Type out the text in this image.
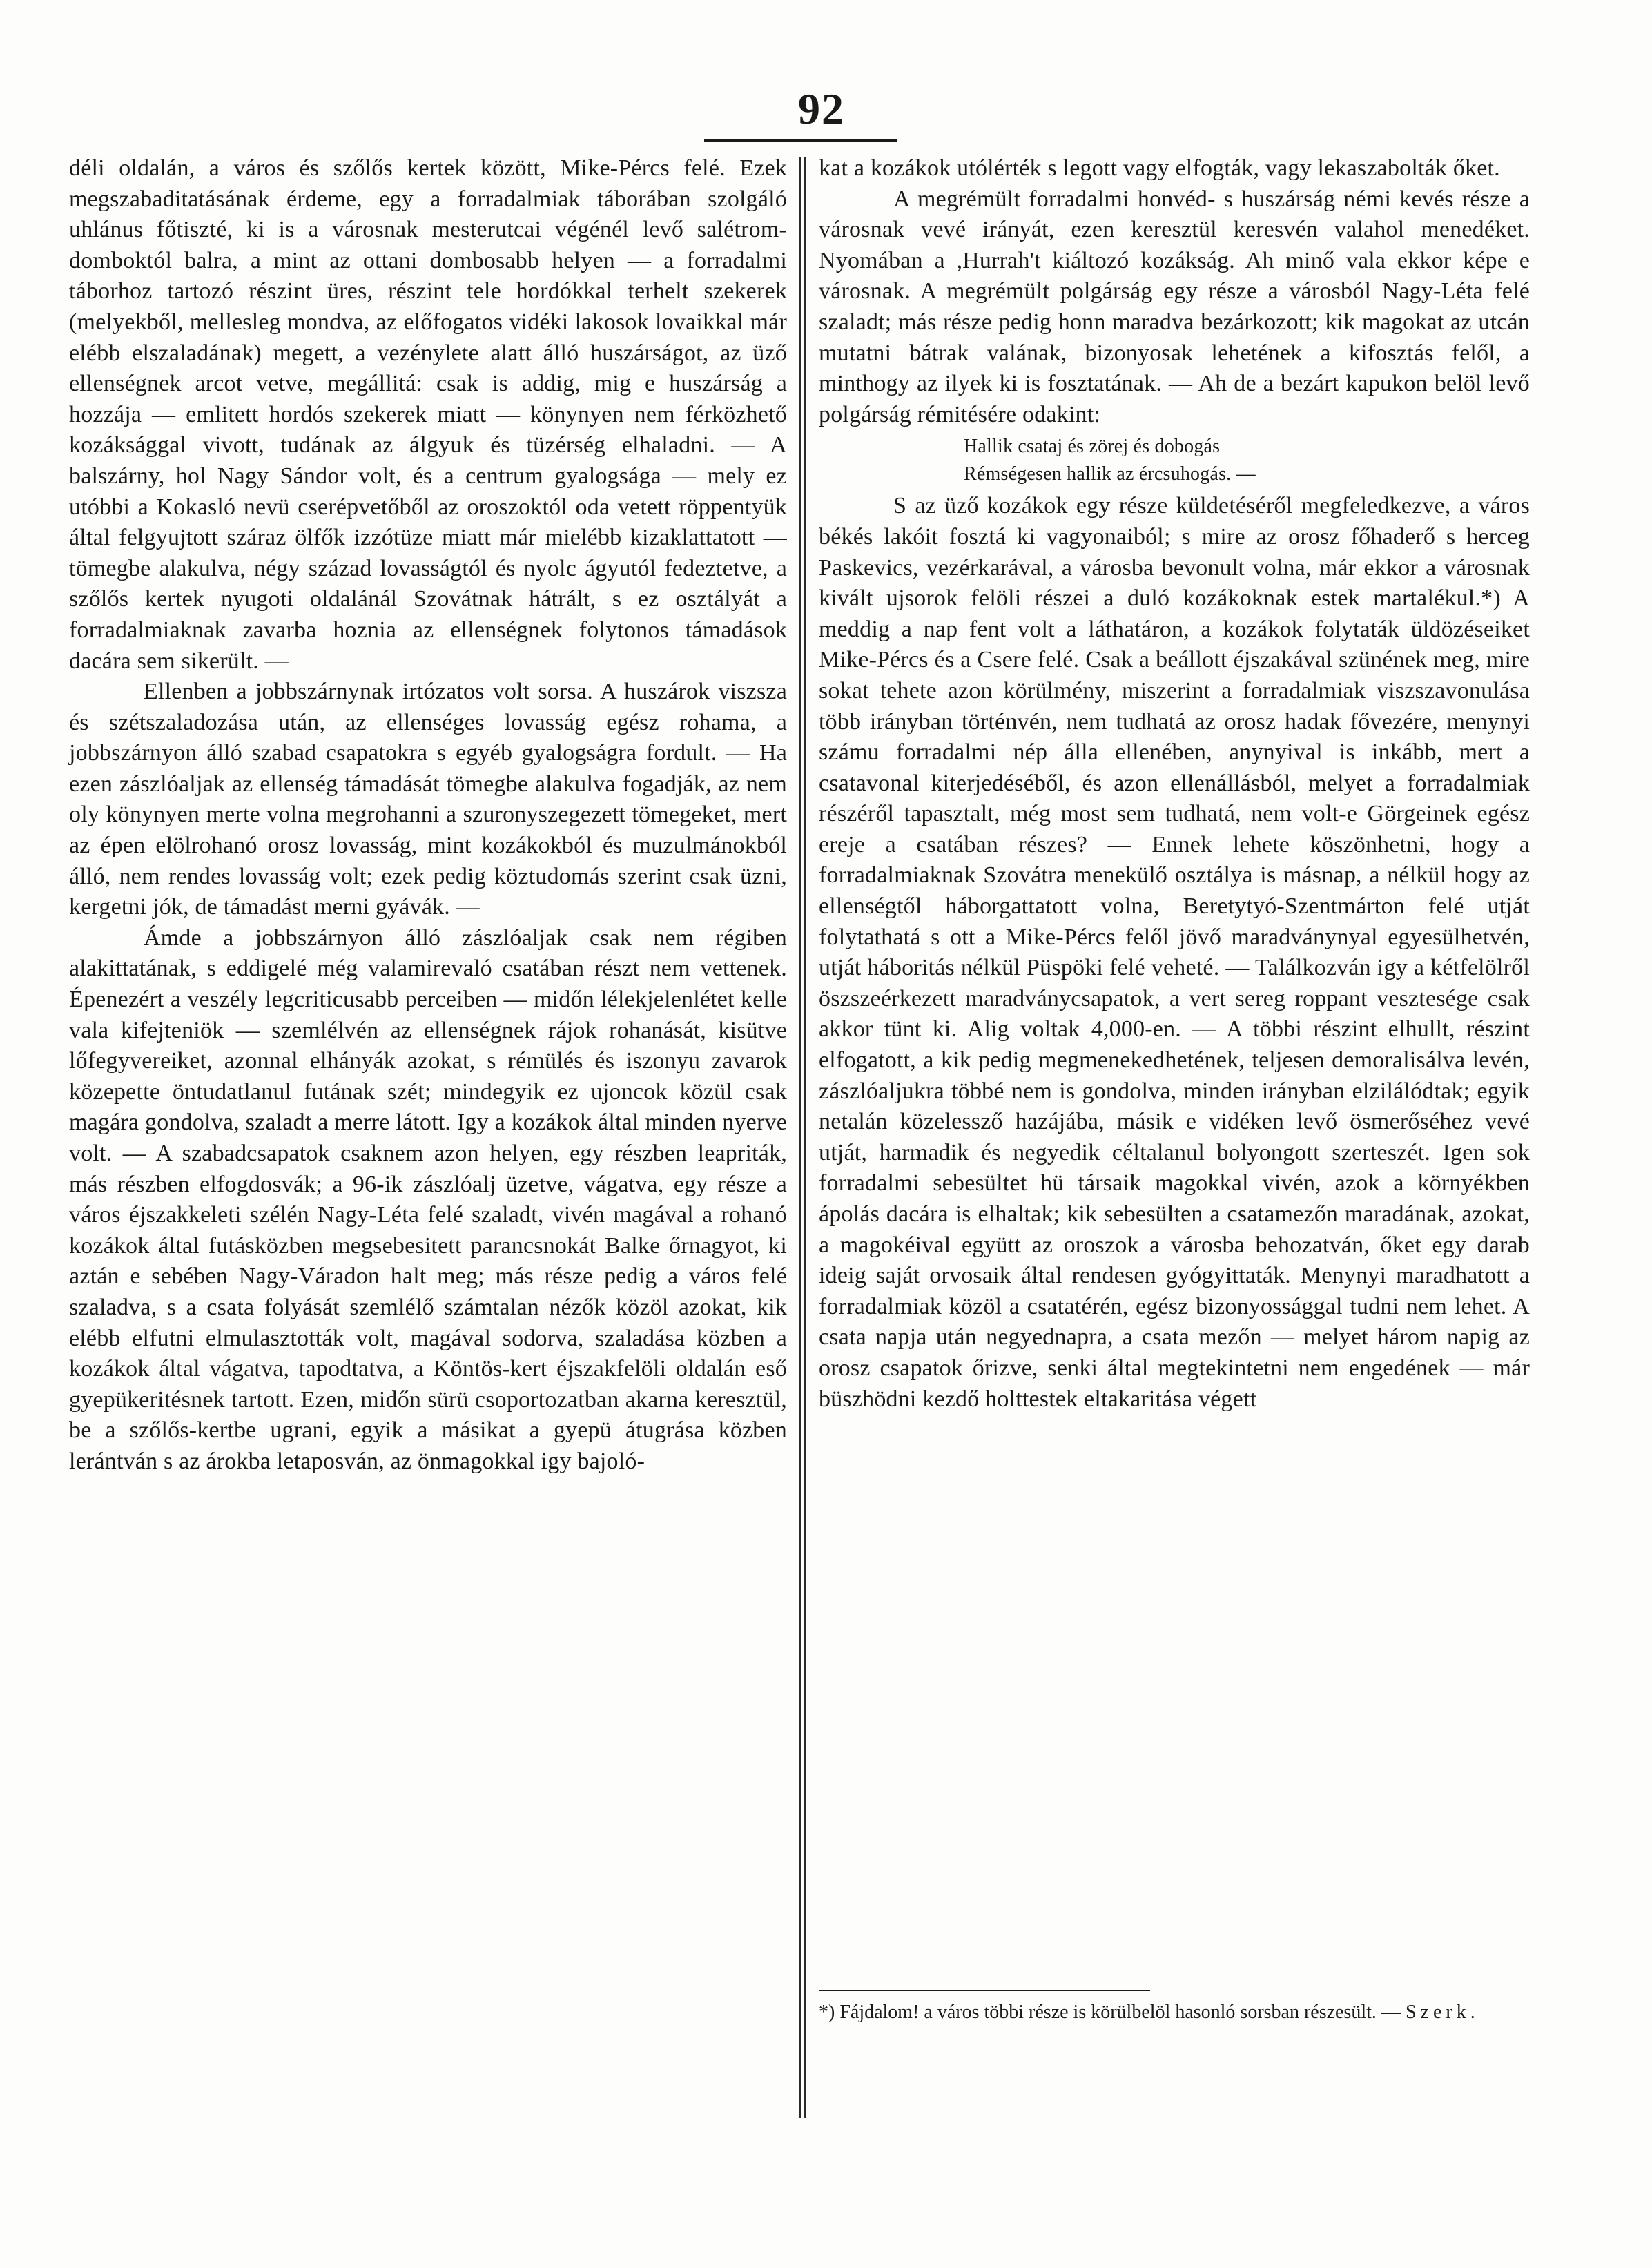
92

déli oldalán, a város és szőlős kertek között, Mike-Pércs felé. Ezek megszabaditatásának érdeme, egy a forradalmiak táborában szolgáló uhlánus főtiszté, ki is a városnak mesterutcai végénél levő salétrom-domboktól balra, a mint az ottani dombosabb helyen — a forradalmi táborhoz tartozó részint üres, részint tele hordókkal terhelt szekerek (melyekből, mellesleg mondva, az előfogatos vidéki lakosok lovaikkal már elébb elszaladának) megett, a vezénylete alatt álló huszárságot, az üző ellenségnek arcot vetve, megállitá: csak is addig, mig e huszárság a hozzája — emlitett hordós szekerek miatt — könynyen nem férközhető kozáksággal vivott, tudának az álgyuk és tüzérség elhaladni. — A balszárny, hol Nagy Sándor volt, és a centrum gyalogsága — mely ez utóbbi a Kokasló nevü cserépvetőből az oroszoktól oda vetett röppentyük által felgyujtott száraz ölfők izzótüze miatt már mielébb kizaklattatott — tömegbe alakulva, négy század lovasságtól és nyolc ágyutól fedeztetve, a szőlős kertek nyugoti oldalánál Szovátnak hátrált, s ez osztályát a forradalmiaknak zavarba hoznia az ellenségnek folytonos támadások dacára sem sikerült. —

Ellenben a jobbszárnynak irtózatos volt sorsa. A huszárok viszsza és szétszaladozása után, az ellenséges lovasság egész rohama, a jobbszárnyon álló szabad csapatokra s egyéb gyalogságra fordult. — Ha ezen zászlóaljak az ellenség támadását tömegbe alakulva fogadják, az nem oly könynyen merte volna megrohanni a szuronyszegezett tömegeket, mert az épen elölrohanó orosz lovasság, mint kozákokból és muzulmánokból álló, nem rendes lovasság volt; ezek pedig köztudomás szerint csak üzni, kergetni jók, de támadást merni gyávák. —

Ámde a jobbszárnyon álló zászlóaljak csak nem régiben alakittatának, s eddigelé még valamirevaló csatában részt nem vettenek. Épenezért a veszély legcriticusabb perceiben — midőn lélekjelenlétet kelle vala kifejteniök — szemlélvén az ellenségnek rájok rohanását, kisütve lőfegyvereiket, azonnal elhányák azokat, s rémülés és iszonyu zavarok közepette öntudatlanul futának szét; mindegyik ez ujoncok közül csak magára gondolva, szaladt a merre látott. Igy a kozákok által minden nyerve volt. — A szabadcsapatok csaknem azon helyen, egy részben leapriták, más részben elfogdosvák; a 96-ik zászlóalj üzetve, vágatva, egy része a város éjszakkeleti szélén Nagy-Léta felé szaladt, vivén magával a rohanó kozákok által futásközben megsebesitett parancsnokát Balke őrnagyot, ki aztán e sebében Nagy-Váradon halt meg; más része pedig a város felé szaladva, s a csata folyását szemlélő számtalan nézők közöl azokat, kik elébb elfutni elmulasztották volt, magával sodorva, szaladása közben a kozákok által vágatva, tapodtatva, a Köntös-kert éjszakfelöli oldalán eső gyepükeritésnek tartott. Ezen, midőn sürü csoportozatban akarna keresztül, be a szőlős-kertbe ugrani, egyik a másikat a gyepü átugrása közben lerántván s az árokba letaposván, az önmagokkal igy bajoló-

kat a kozákok utólérték s legott vagy elfogták, vagy lekaszabolták őket.

A megrémült forradalmi honvéd- s huszárság némi kevés része a városnak vevé irányát, ezen keresztül keresvén valahol menedéket. Nyomában a ,Hurrah't kiáltozó kozákság. Ah minő vala ekkor képe e városnak. A megrémült polgárság egy része a városból Nagy-Léta felé szaladt; más része pedig honn maradva bezárkozott; kik magokat az utcán mutatni bátrak valának, bizonyosak lehetének a kifosztás felől, a minthogy az ilyek ki is fosztatának. — Ah de a bezárt kapukon belöl levő polgárság rémitésére odakint:

Hallik csataj és zörej és dobogás
Rémségesen hallik az ércsuhogás. —

S az üző kozákok egy része küldetéséről megfeledkezve, a város békés lakóit fosztá ki vagyonaiból; s mire az orosz főhaderő s herceg Paskevics, vezérkarával, a városba bevonult volna, már ekkor a városnak kivált ujsorok felöli részei a duló kozákoknak estek martalékul.*) A meddig a nap fent volt a láthatáron, a kozákok folytaták üldözéseiket Mike-Pércs és a Csere felé. Csak a beállott éjszakával szünének meg, mire sokat tehete azon körülmény, miszerint a forradalmiak viszszavonulása több irányban történvén, nem tudhatá az orosz hadak fővezére, menynyi számu forradalmi nép álla ellenében, anynyival is inkább, mert a csatavonal kiterjedéséből, és azon ellenállásból, melyet a forradalmiak részéről tapasztalt, még most sem tudhatá, nem volt-e Görgeinek egész ereje a csatában részes? — Ennek lehete köszönhetni, hogy a forradalmiaknak Szovátra menekülő osztálya is másnap, a nélkül hogy az ellenségtől háborgattatott volna, Beretytyó-Szentmárton felé utját folytathatá s ott a Mike-Pércs felől jövő maradványnyal egyesülhetvén, utját háboritás nélkül Püspöki felé veheté. — Találkozván igy a kétfelölről öszszeérkezett maradványcsapatok, a vert sereg roppant vesztesége csak akkor tünt ki. Alig voltak 4,000-en. — A többi részint elhullt, részint elfogatott, a kik pedig megmenekedhetének, teljesen demoralisálva levén, zászlóaljukra többé nem is gondolva, minden irányban elzilálódtak; egyik netalán közelessző hazájába, másik e vidéken levő ösmerőséhez vevé utját, harmadik és negyedik céltalanul bolyongott szerteszét. Igen sok forradalmi sebesültet hü társaik magokkal vivén, azok a környékben ápolás dacára is elhaltak; kik sebesülten a csatamezőn maradának, azokat, a magokéival együtt az oroszok a városba behozatván, őket egy darab ideig saját orvosaik által rendesen gyógyittaták. Menynyi maradhatott a forradalmiak közöl a csatatérén, egész bizonyossággal tudni nem lehet. A csata napja után negyednapra, a csata mezőn — melyet három napig az orosz csapatok őrizve, senki által megtekintetni nem engedének — már büszhödni kezdő holttestek eltakaritása végett

*) Fájdalom! a város többi része is körülbelöl hasonló sorsban részesült. — Szerk.
